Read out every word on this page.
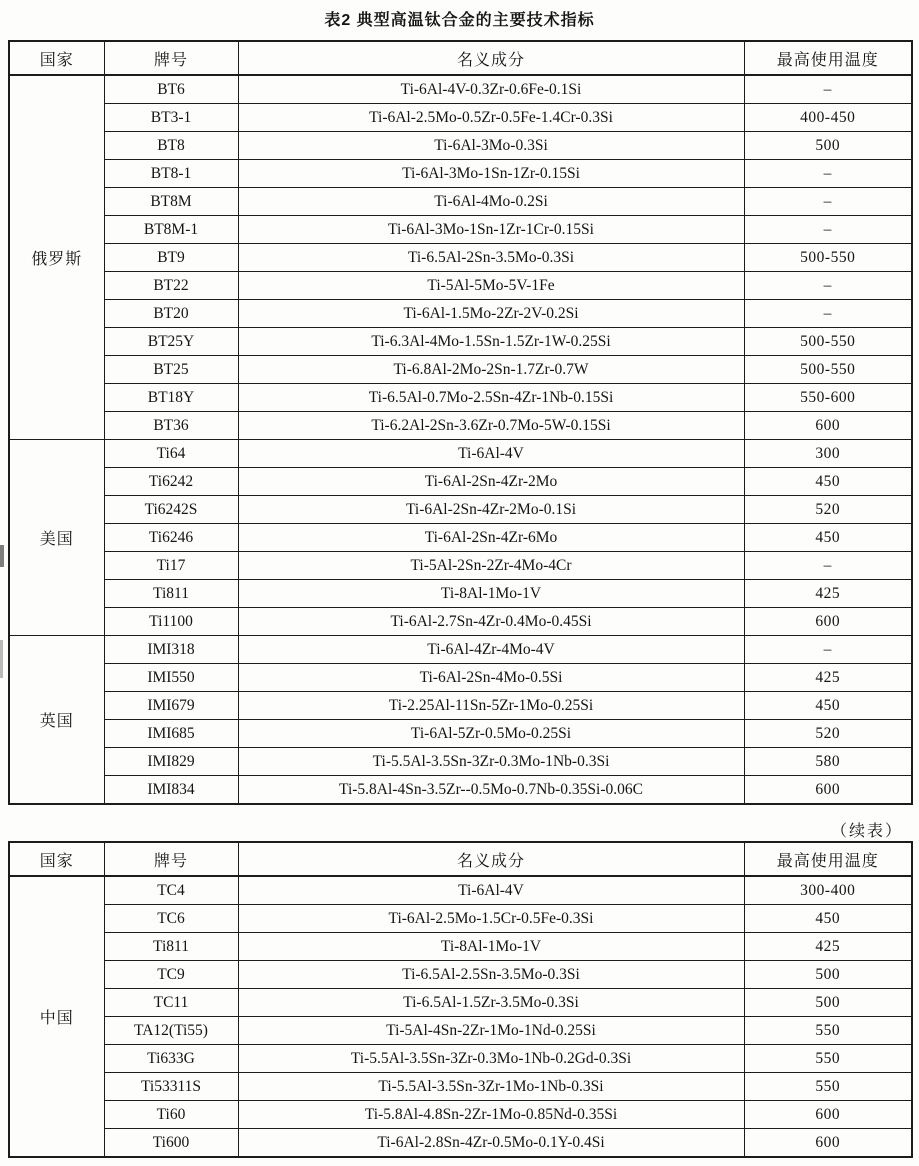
表2 典型高温钛合金的主要技术指标
国家	牌号	名义成分	最高使用温度
俄罗斯	BT6	Ti-6Al-4V-0.3Zr-0.6Fe-0.1Si	–
	BT3-1	Ti-6Al-2.5Mo-0.5Zr-0.5Fe-1.4Cr-0.3Si	400-450
	BT8	Ti-6Al-3Mo-0.3Si	500
	BT8-1	Ti-6Al-3Mo-1Sn-1Zr-0.15Si	–
	BT8M	Ti-6Al-4Mo-0.2Si	–
	BT8M-1	Ti-6Al-3Mo-1Sn-1Zr-1Cr-0.15Si	–
	BT9	Ti-6.5Al-2Sn-3.5Mo-0.3Si	500-550
	BT22	Ti-5Al-5Mo-5V-1Fe	–
	BT20	Ti-6Al-1.5Mo-2Zr-2V-0.2Si	–
	BT25Y	Ti-6.3Al-4Mo-1.5Sn-1.5Zr-1W-0.25Si	500-550
	BT25	Ti-6.8Al-2Mo-2Sn-1.7Zr-0.7W	500-550
	BT18Y	Ti-6.5Al-0.7Mo-2.5Sn-4Zr-1Nb-0.15Si	550-600
	BT36	Ti-6.2Al-2Sn-3.6Zr-0.7Mo-5W-0.15Si	600
美国	Ti64	Ti-6Al-4V	300
	Ti6242	Ti-6Al-2Sn-4Zr-2Mo	450
	Ti6242S	Ti-6Al-2Sn-4Zr-2Mo-0.1Si	520
	Ti6246	Ti-6Al-2Sn-4Zr-6Mo	450
	Ti17	Ti-5Al-2Sn-2Zr-4Mo-4Cr	–
	Ti811	Ti-8Al-1Mo-1V	425
	Ti1100	Ti-6Al-2.7Sn-4Zr-0.4Mo-0.45Si	600
英国	IMI318	Ti-6Al-4Zr-4Mo-4V	–
	IMI550	Ti-6Al-2Sn-4Mo-0.5Si	425
	IMI679	Ti-2.25Al-11Sn-5Zr-1Mo-0.25Si	450
	IMI685	Ti-6Al-5Zr-0.5Mo-0.25Si	520
	IMI829	Ti-5.5Al-3.5Sn-3Zr-0.3Mo-1Nb-0.3Si	580
	IMI834	Ti-5.8Al-4Sn-3.5Zr--0.5Mo-0.7Nb-0.35Si-0.06C	600
（续表）
国家	牌号	名义成分	最高使用温度
中国	TC4	Ti-6Al-4V	300-400
	TC6	Ti-6Al-2.5Mo-1.5Cr-0.5Fe-0.3Si	450
	Ti811	Ti-8Al-1Mo-1V	425
	TC9	Ti-6.5Al-2.5Sn-3.5Mo-0.3Si	500
	TC11	Ti-6.5Al-1.5Zr-3.5Mo-0.3Si	500
	TA12(Ti55)	Ti-5Al-4Sn-2Zr-1Mo-1Nd-0.25Si	550
	Ti633G	Ti-5.5Al-3.5Sn-3Zr-0.3Mo-1Nb-0.2Gd-0.3Si	550
	Ti53311S	Ti-5.5Al-3.5Sn-3Zr-1Mo-1Nb-0.3Si	550
	Ti60	Ti-5.8Al-4.8Sn-2Zr-1Mo-0.85Nd-0.35Si	600
	Ti600	Ti-6Al-2.8Sn-4Zr-0.5Mo-0.1Y-0.4Si	600
